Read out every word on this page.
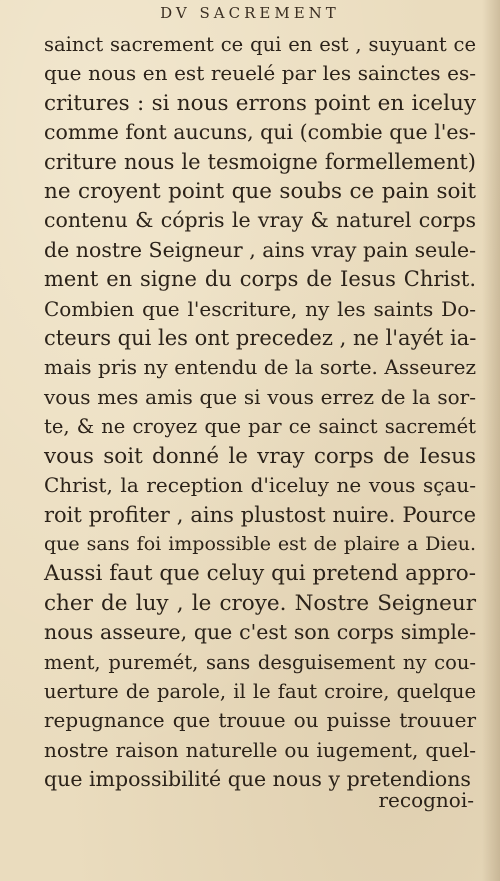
DV SACREMENT
sainct sacrement ce qui en est , suyuant ce
que nous en est reuelé par les sainctes es-
critures : si nous errons point en iceluy
comme font aucuns, qui (combie que l'es-
criture nous le tesmoigne formellement)
ne croyent point que soubs ce pain soit
contenu & cópris le vray & naturel corps
de nostre Seigneur , ains vray pain seule-
ment en signe du corps de Iesus Christ.
Combien que l'escriture, ny les saints Do-
cteurs qui les ont precedez , ne l'ayét ia-
mais pris ny entendu de la sorte. Asseurez
vous mes amis que si vous errez de la sor-
te, & ne croyez que par ce sainct sacremét
vous soit donné le vray corps de Iesus
Christ, la reception d'iceluy ne vous sçau-
roit profiter , ains plustost nuire. Pource
que sans foi impossible est de plaire a Dieu.
Aussi faut que celuy qui pretend appro-
cher de luy , le croye. Nostre Seigneur
nous asseure, que c'est son corps simple-
ment, puremét, sans desguisement ny cou-
uerture de parole, il le faut croire, quelque
repugnance que trouue ou puisse trouuer
nostre raison naturelle ou iugement, quel-
que impossibilité que nous y pretendions
recognoi-
